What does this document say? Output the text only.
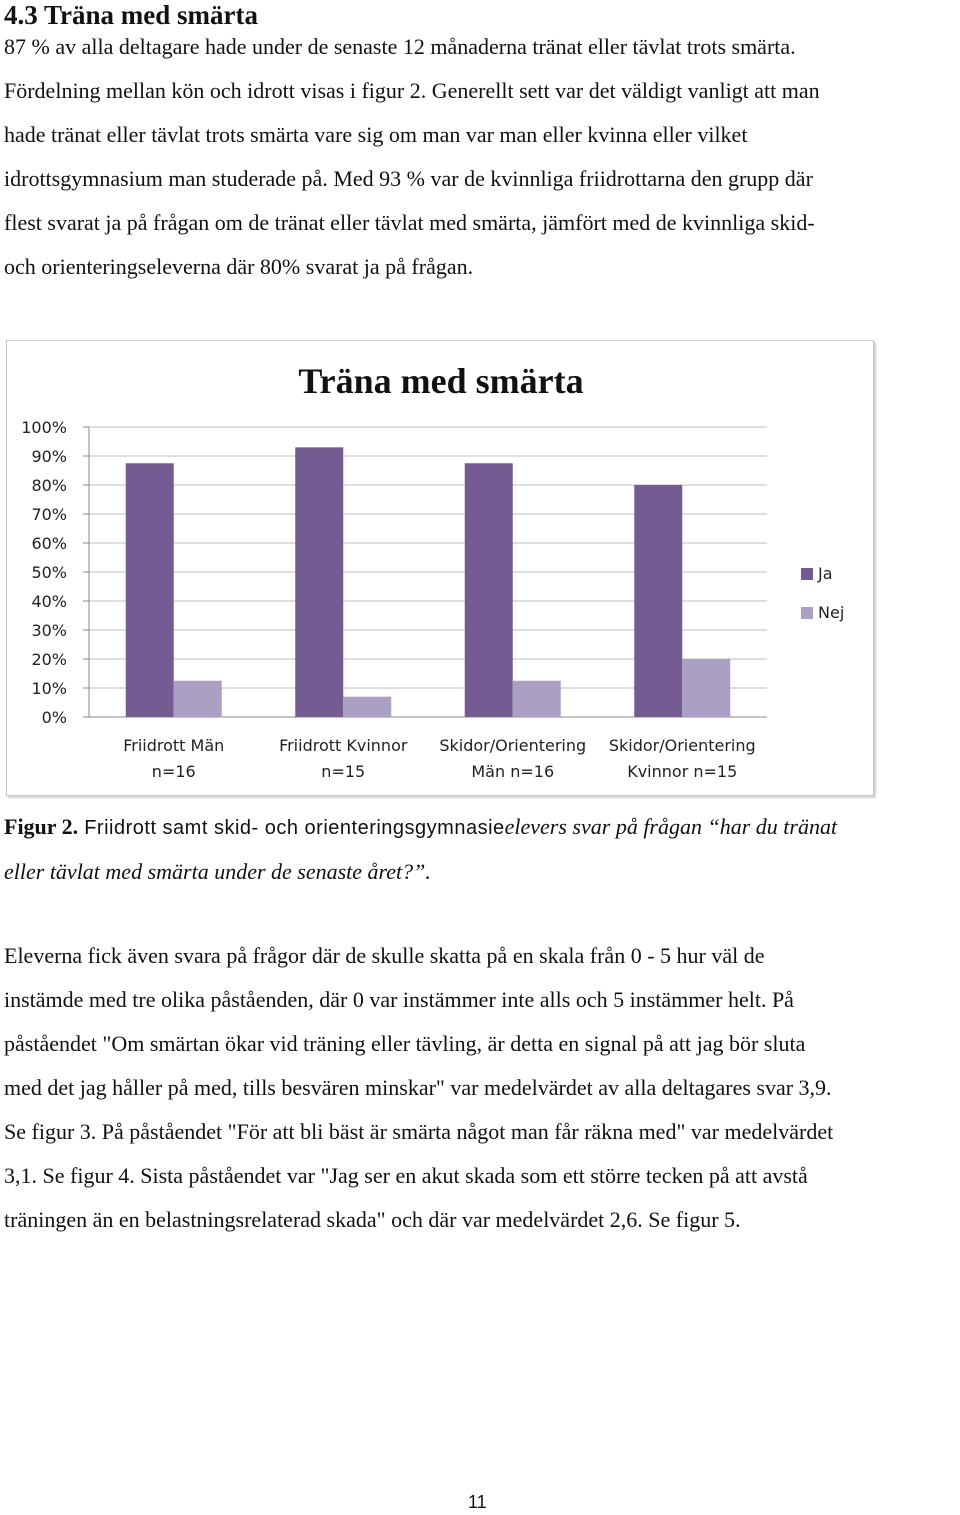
4.3 Träna med smärta

87 % av alla deltagare hade under de senaste 12 månaderna tränat eller tävlat trots smärta.
Fördelning mellan kön och idrott visas i figur 2. Generellt sett var det väldigt vanligt att man
hade tränat eller tävlat trots smärta vare sig om man var man eller kvinna eller vilket
idrottsgymnasium man studerade på. Med 93 % var de kvinnliga friidrottarna den grupp där
flest svarat ja på frågan om de tränat eller tävlat med smärta, jämfört med de kvinnliga skid-
och orienteringseleverna där 80% svarat ja på frågan.

Träna med smärta
0%
10%
20%
30%
40%
50%
60%
70%
80%
90%
100%
Friidrott Män
n=16
Friidrott Kvinnor
n=15
Skidor/Orientering
Män n=16
Skidor/Orientering
Kvinnor n=15
Ja
Nej

Figur 2. Friidrott samt skid- och orienteringsgymnasieelevers svar på frågan “har du tränat
eller tävlat med smärta under de senaste året?”.

Eleverna fick även svara på frågor där de skulle skatta på en skala från 0 - 5 hur väl de
instämde med tre olika påståenden, där 0 var instämmer inte alls och 5 instämmer helt. På
påståendet "Om smärtan ökar vid träning eller tävling, är detta en signal på att jag bör sluta
med det jag håller på med, tills besvären minskar" var medelvärdet av alla deltagares svar 3,9.
Se figur 3. På påståendet "För att bli bäst är smärta något man får räkna med" var medelvärdet
3,1. Se figur 4. Sista påståendet var "Jag ser en akut skada som ett större tecken på att avstå
träningen än en belastningsrelaterad skada" och där var medelvärdet 2,6. Se figur 5.

11
